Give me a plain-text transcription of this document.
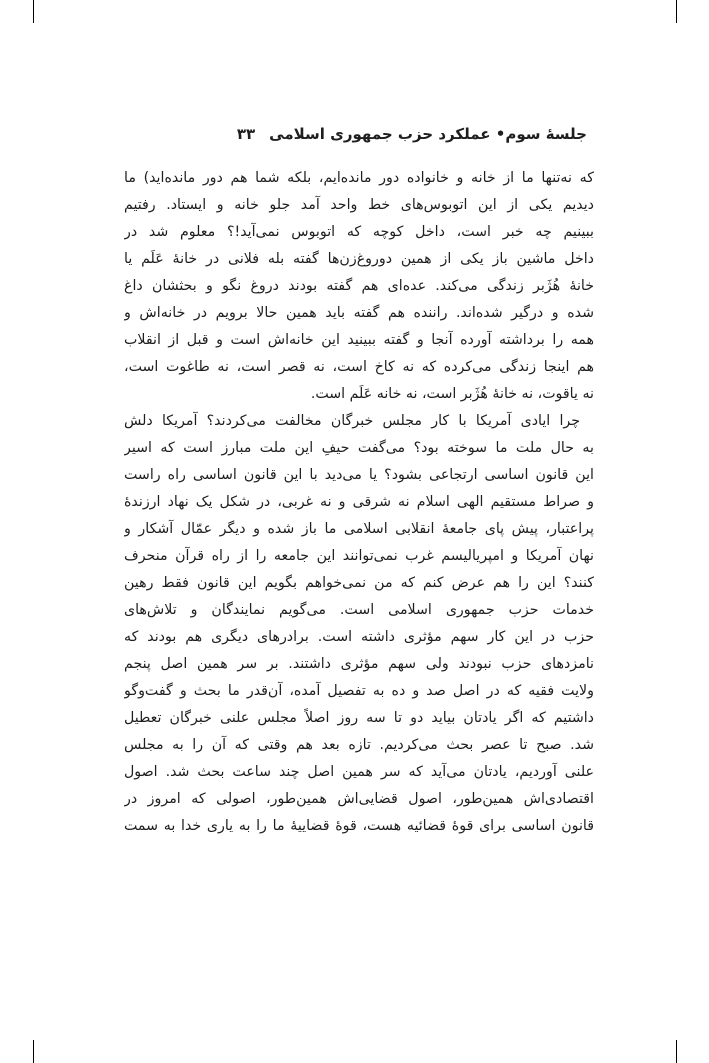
جلسهٔ سوم• عملکرد حزب جمهوری اسلامی
۳۳
که نه‌تنها ما از خانه و خانواده دور مانده‌ایم، بلکه شما هم دور مانده‌اید) ما
دیدیم یکی از این اتوبوس‌های خط واحد آمد جلو خانه و ایستاد. رفتیم
ببینیم چه خبر است، داخل کوچه که اتوبوس نمی‌آید!؟ معلوم شد در
داخل ماشین باز یکی از همین دوروغ‌زن‌ها گفته بله فلانی در خانهٔ عَلَم یا
خانهٔ هُژَبر زندگی می‌کند. عده‌ای هم گفته بودند دروغ نگو و بحثشان داغ
شده و درگیر شده‌اند. راننده هم گفته باید همین حالا برویم در خانه‌اش و
همه را برداشته آورده آنجا و گفته ببینید این خانه‌اش است و قبل از انقلاب
هم اینجا زندگی می‌کرده که نه کاخ است، نه قصر است، نه طاغوت است،
نه یاقوت، نه خانهٔ هُژَبر است، نه خانه عَلَم است.
چرا ایادی آمریکا با کار مجلس خبرگان مخالفت می‌کردند؟ آمریکا دلش
به حال ملت ما سوخته بود؟ می‌گفت حیفِ این ملت مبارز است که اسیر
این قانون اساسی ارتجاعی بشود؟ یا می‌دید با این قانون اساسی راه راست
و صراط مستقیم الهی اسلام نه شرقی و نه غربی، در شکل یک نهاد ارزندهٔ
پراعتبار، پیش پای جامعهٔ انقلابی اسلامی ما باز شده و دیگر عمّال آشکار و
نهان آمریکا و امپریالیسم غرب نمی‌توانند این جامعه را از راه قرآن منحرف
کنند؟ این را هم عرض کنم که من نمی‌خواهم بگویم این قانون فقط رهین
خدمات حزب جمهوری اسلامی است. می‌گویم نمایندگان و تلاش‌های
حزب در این کار سهم مؤثری داشته است. برادرهای دیگری هم بودند که
نامزدهای حزب نبودند ولی سهم مؤثری داشتند. بر سر همین اصل پنجم
ولایت فقیه که در اصل صد و ده به تفصیل آمده، آن‌قدر ما بحث و گفت‌وگو
داشتیم که اگر یادتان بیاید دو تا سه روز اصلاً مجلس علنی خبرگان تعطیل
شد. صبح تا عصر بحث می‌کردیم. تازه بعد هم وقتی که آن را به مجلس
علنی آوردیم، یادتان می‌آید که سر همین اصل چند ساعت بحث شد. اصول
اقتصادی‌اش همین‌طور، اصول قضایی‌اش همین‌طور، اصولی که امروز در
قانون اساسی برای قوهٔ قضائیه هست، قوهٔ قضاییهٔ ما را به یاری خدا به سمت
